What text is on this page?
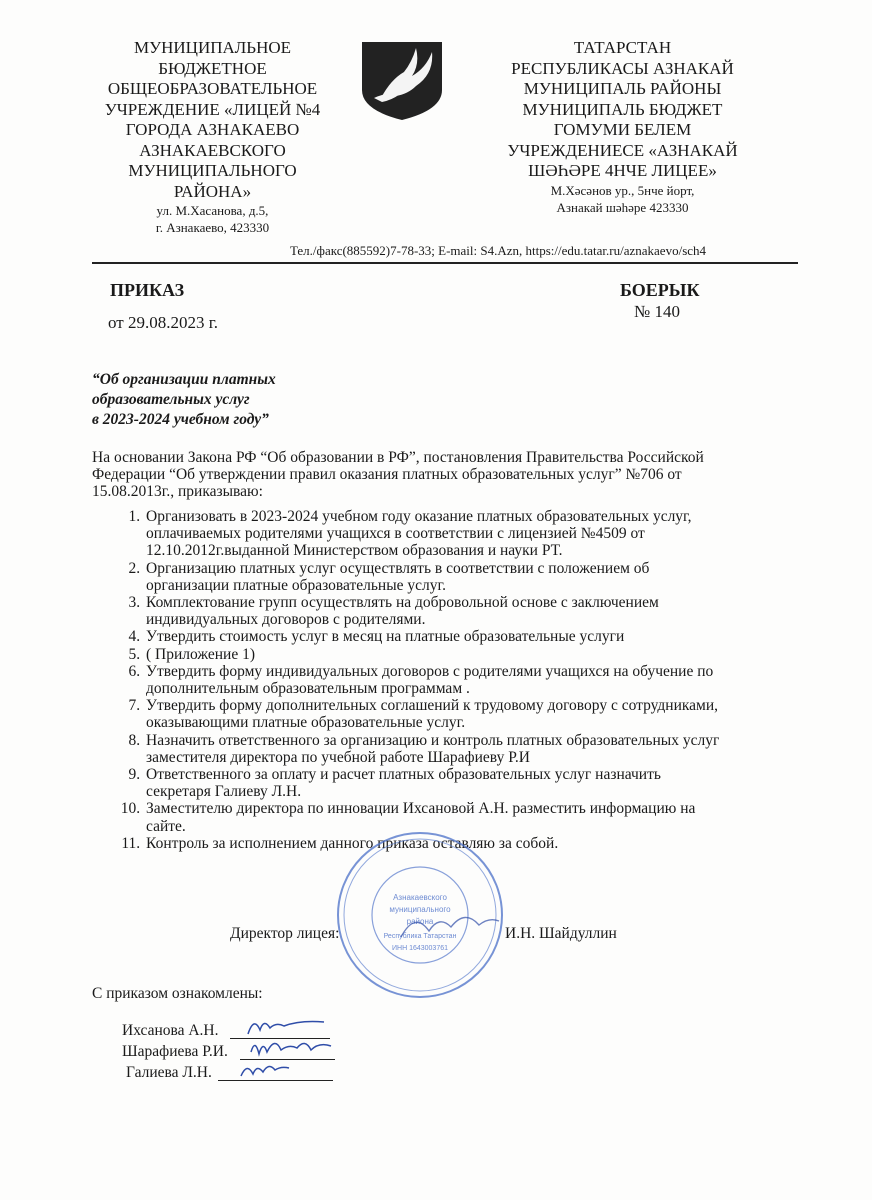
МУНИЦИПАЛЬНОЕ
БЮДЖЕТНОЕ
ОБЩЕОБРАЗОВАТЕЛЬНОЕ
УЧРЕЖДЕНИЕ «ЛИЦЕЙ №4
ГОРОДА АЗНАКАЕВО
АЗНАКАЕВСКОГО
МУНИЦИПАЛЬНОГО
РАЙОНА»
ул. М.Хасанова, д.5,
г. Азнакаево, 423330
ТАТАРСТАН
РЕСПУБЛИКАСЫ АЗНАКАЙ
МУНИЦИПАЛЬ РАЙОНЫ
МУНИЦИПАЛЬ БЮДЖЕТ
ГОМУМИ БЕЛЕМ
УЧРЕЖДЕНИЕСЕ «АЗНАКАЙ
ШӘҺӘРЕ 4НЧЕ ЛИЦЕЕ»
М.Хәсәнов ур., 5нче йорт,
Азнакай шәһәре 423330
Тел./факс(885592)7-78-33; E-mail: S4.Azn, https://edu.tatar.ru/aznakaevo/sch4
ПРИКАЗ
от 29.08.2023 г.
БОЕРЫК
№ 140
“Об организации платных
образовательных услуг
в 2023-2024 учебном году”
На основании Закона РФ “Об образовании в РФ”, постановления Правительства Российской
Федерации “Об утверждении правил оказания платных образовательных услуг” №706 от
15.08.2013г., приказываю:
1. Организовать в 2023-2024 учебном году оказание платных образовательных услуг,
оплачиваемых родителями учащихся в соответствии с лицензией №4509 от
12.10.2012г.выданной Министерством образования и науки РТ.
2. Организацию платных услуг осуществлять в соответствии с положением об
организации платные образовательные услуг.
3. Комплектование групп осуществлять на добровольной основе с заключением
индивидуальных договоров с родителями.
4. Утвердить стоимость услуг в месяц на платные образовательные услуги
5. ( Приложение 1)
6. Утвердить форму индивидуальных договоров с родителями учащихся на обучение по
дополнительным образовательным программам .
7. Утвердить форму дополнительных соглашений к трудовому договору с сотрудниками,
оказывающими платные образовательные услуг.
8. Назначить ответственного за организацию и контроль платных образовательных услуг
заместителя директора по учебной работе Шарафиеву Р.И
9. Ответственного за оплату и расчет платных образовательных услуг назначить
секретаря Галиеву Л.Н.
10. Заместителю директора по инновации Ихсановой А.Н. разместить информацию на
сайте.
11. Контроль за исполнением данного приказа оставляю за собой.
Азнакаевского
муниципального
района
Республика Татарстан
ИНН 1643003761
Директор лицея:	И.Н. Шайдуллин
С приказом ознакомлены:
Ихсанова А.Н.
Шарафиева Р.И.
Галиева Л.Н.
